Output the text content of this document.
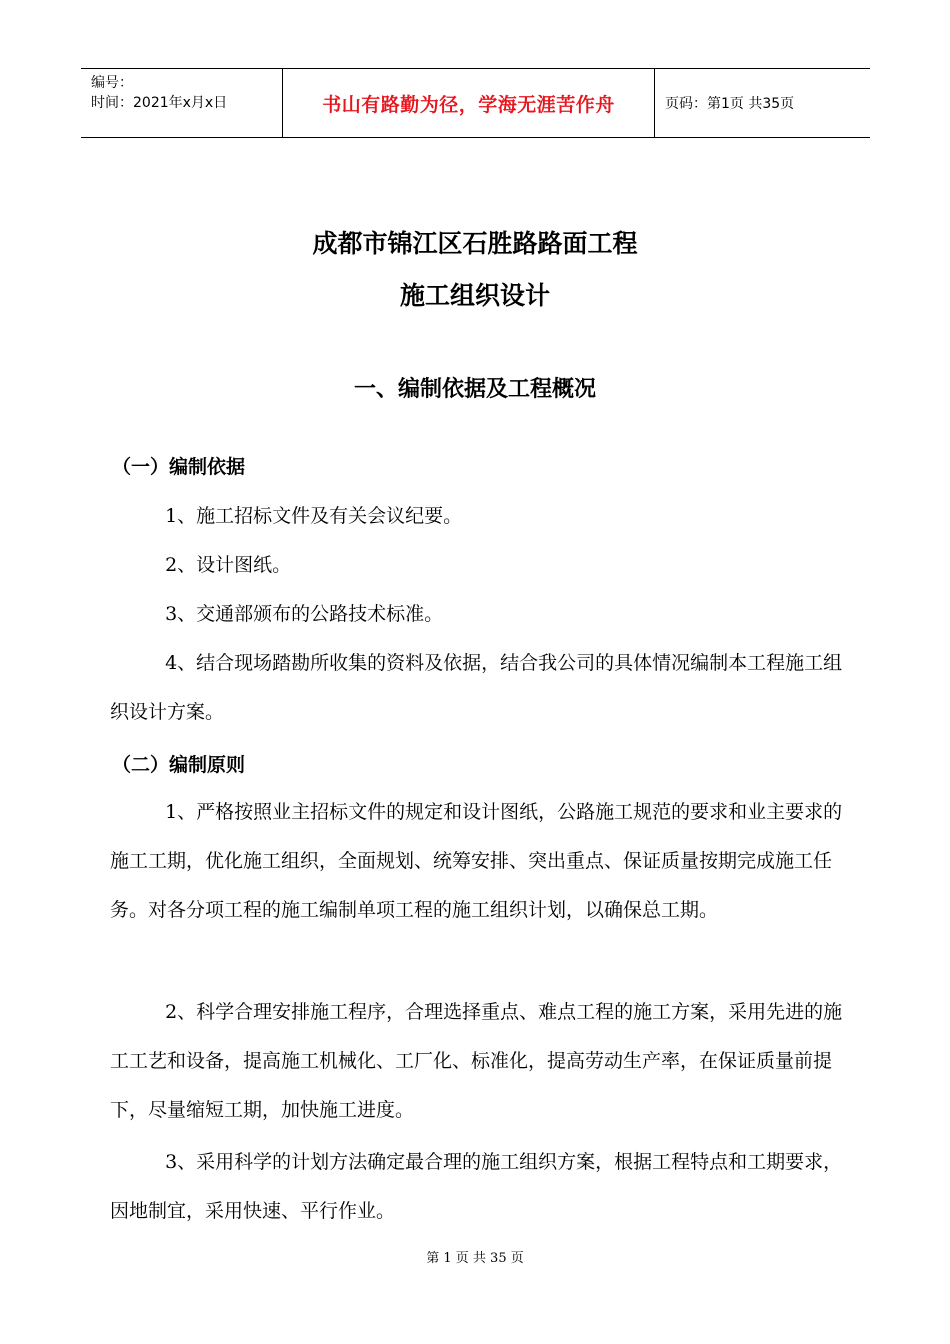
编号：
时间：2021年x月x日	书山有路勤为径，学海无涯苦作舟	页码：第1页 共35页
成都市锦江区石胜路路面工程
施工组织设计
一、编制依据及工程概况
（一）编制依据

1、施工招标文件及有关会议纪要。

2、设计图纸。

3、交通部颁布的公路技术标准。

4、结合现场踏勘所收集的资料及依据，结合我公司的具体情况编制本工程施工组织设计方案。

（二）编制原则

1、严格按照业主招标文件的规定和设计图纸，公路施工规范的要求和业主要求的施工工期，优化施工组织，全面规划、统筹安排、突出重点、保证质量按期完成施工任务。对各分项工程的施工编制单项工程的施工组织计划，以确保总工期。

2、科学合理安排施工程序，合理选择重点、难点工程的施工方案，采用先进的施工工艺和设备，提高施工机械化、工厂化、标准化，提高劳动生产率，在保证质量前提下，尽量缩短工期，加快施工进度。

3、采用科学的计划方法确定最合理的施工组织方案，根据工程特点和工期要求，因地制宜，采用快速、平行作业。

第 1 页 共 35 页
